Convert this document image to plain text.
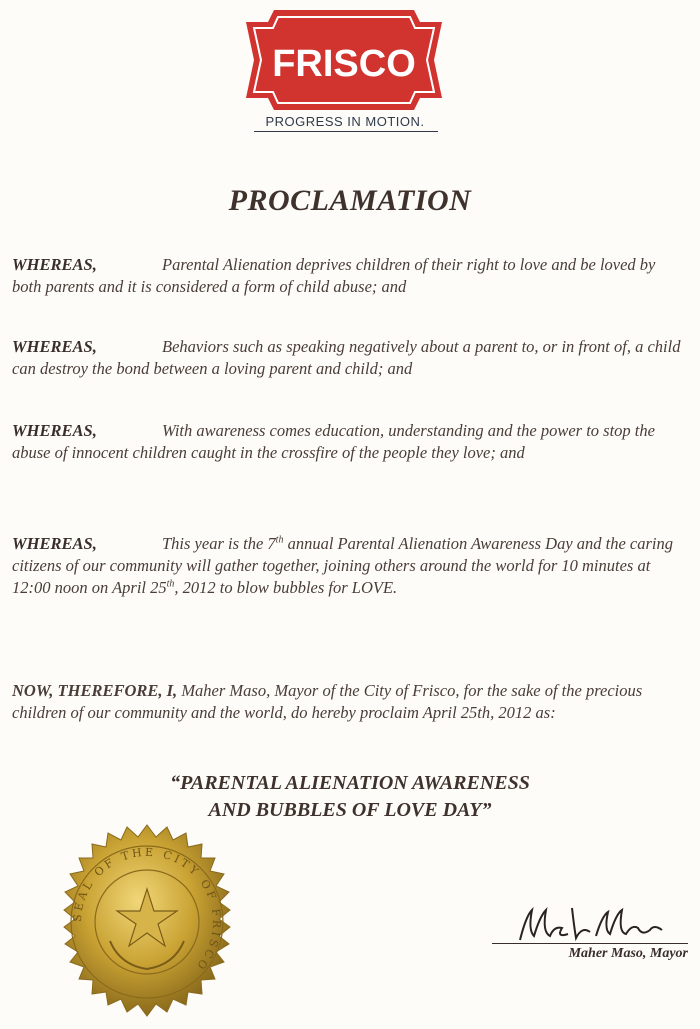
FRISCO
PROGRESS IN MOTION.
PROCLAMATION
WHEREAS,	Parental Alienation deprives children of their right to love and be loved by both parents and it is considered a form of child abuse; and
WHEREAS,	Behaviors such as speaking negatively about a parent to, or in front of, a child can destroy the bond between a loving parent and child; and
WHEREAS,	With awareness comes education, understanding and the power to stop the abuse of innocent children caught in the crossfire of the people they love; and
WHEREAS,	This year is the 7th annual Parental Alienation Awareness Day and the caring citizens of our community will gather together, joining others around the world for 10 minutes at 12:00 noon on April 25th, 2012 to blow bubbles for LOVE.
NOW, THEREFORE, I, Maher Maso, Mayor of the City of Frisco, for the sake of the precious children of our community and the world, do hereby proclaim April 25th, 2012 as:
“PARENTAL ALIENATION AWARENESS
AND BUBBLES OF LOVE DAY”
SEAL OF THE CITY OF FRISCO
Maher Maso, Mayor
